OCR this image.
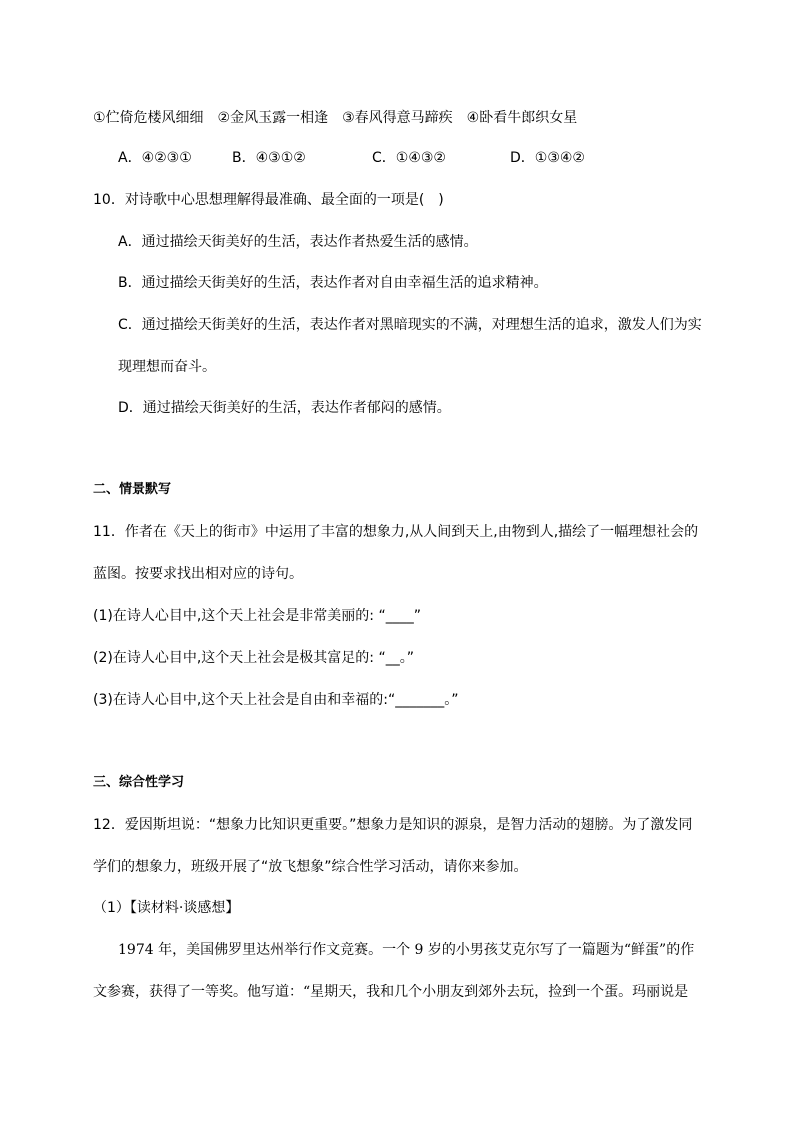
①伫倚危楼风细细　②金风玉露一相逢　③春风得意马蹄疾　④卧看牛郎织女星
A．④②③①	B．④③①②	C．①④③②	D．①③④②
10．对诗歌中心思想理解得最准确、最全面的一项是(　)
A．通过描绘天街美好的生活，表达作者热爱生活的感情。
B．通过描绘天街美好的生活，表达作者对自由幸福生活的追求精神。
C．通过描绘天街美好的生活，表达作者对黑暗现实的不满，对理想生活的追求，激发人们为实
现理想而奋斗。
D．通过描绘天街美好的生活，表达作者郁闷的感情。
二、情景默写
11．作者在《天上的街市》中运用了丰富的想象力,从人间到天上,由物到人,描绘了一幅理想社会的
蓝图。按要求找出相对应的诗句。
(1)在诗人心目中,这个天上社会是非常美丽的: “____”
(2)在诗人心目中,这个天上社会是极其富足的: “__。”
(3)在诗人心目中,这个天上社会是自由和幸福的:“_______。”
三、综合性学习
12．爱因斯坦说：“想象力比知识更重要。”想象力是知识的源泉，是智力活动的翅膀。为了激发同
学们的想象力，班级开展了“放飞想象”综合性学习活动，请你来参加。
（1）【读材料·谈感想】
1974 年，美国佛罗里达州举行作文竞赛。一个 9 岁的小男孩艾克尔写了一篇题为“鲜蛋”的作
文参赛，获得了一等奖。他写道：“星期天，我和几个小朋友到郊外去玩，捡到一个蛋。玛丽说是
